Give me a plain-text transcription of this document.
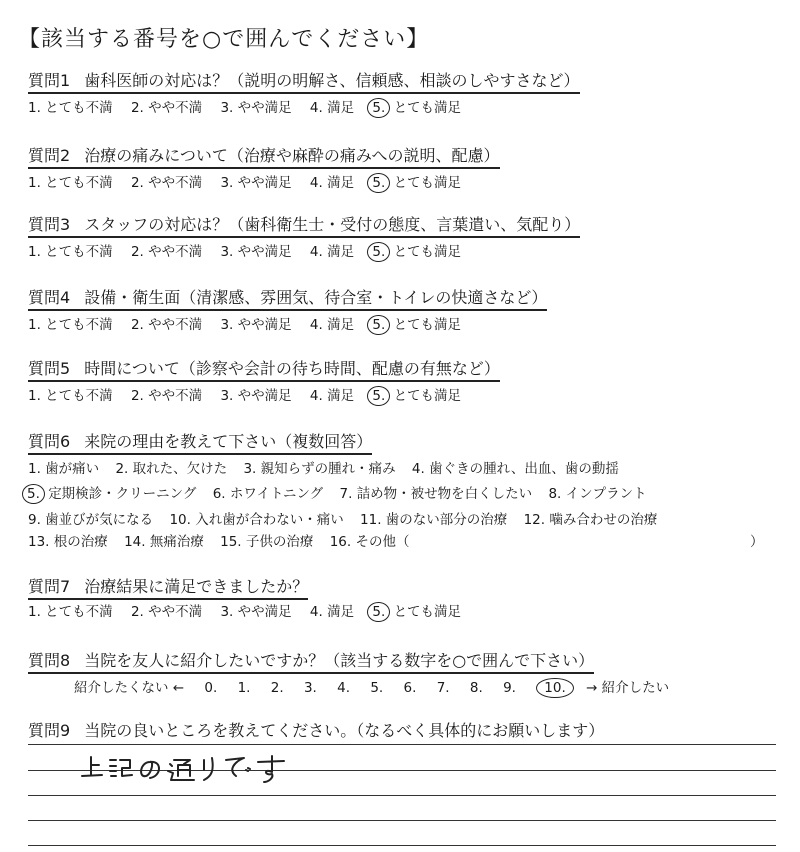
【該当する番号を○で囲んでください】
質問1 歯科医師の対応は？（説明の明解さ、信頼感、相談のしやすさなど）
1. とても不満 2. やや不満 3. やや満足 4. 満足 5. とても満足
質問2 治療の痛みについて（治療や麻酔の痛みへの説明、配慮）
1. とても不満 2. やや不満 3. やや満足 4. 満足 5. とても満足
質問3 スタッフの対応は？（歯科衛生士・受付の態度、言葉遣い、気配り）
1. とても不満 2. やや不満 3. やや満足 4. 満足 5. とても満足
質問4 設備・衛生面（清潔感、雰囲気、待合室・トイレの快適さなど）
1. とても不満 2. やや不満 3. やや満足 4. 満足 5. とても満足
質問5 時間について（診察や会計の待ち時間、配慮の有無など）
1. とても不満 2. やや不満 3. やや満足 4. 満足 5. とても満足
質問6 来院の理由を教えて下さい（複数回答）
1. 歯が痛い 2. 取れた、欠けた 3. 親知らずの腫れ・痛み 4. 歯ぐきの腫れ、出血、歯の動揺
5. 定期検診・クリーニング 6. ホワイトニング 7. 詰め物・被せ物を白くしたい 8. インプラント
9. 歯並びが気になる 10. 入れ歯が合わない・痛い 11. 歯のない部分の治療 12. 噛み合わせの治療
13. 根の治療 14. 無痛治療 15. 子供の治療 16. その他（	）
質問7 治療結果に満足できましたか？
1. とても不満 2. やや不満 3. やや満足 4. 満足 5. とても満足
質問8 当院を友人に紹介したいですか？（該当する数字を○で囲んで下さい）
紹介したくない ← 0. 1. 2. 3. 4. 5. 6. 7. 8. 9. 10. → 紹介したい
質問9 当院の良いところを教えてください。（なるべく具体的にお願いします）
